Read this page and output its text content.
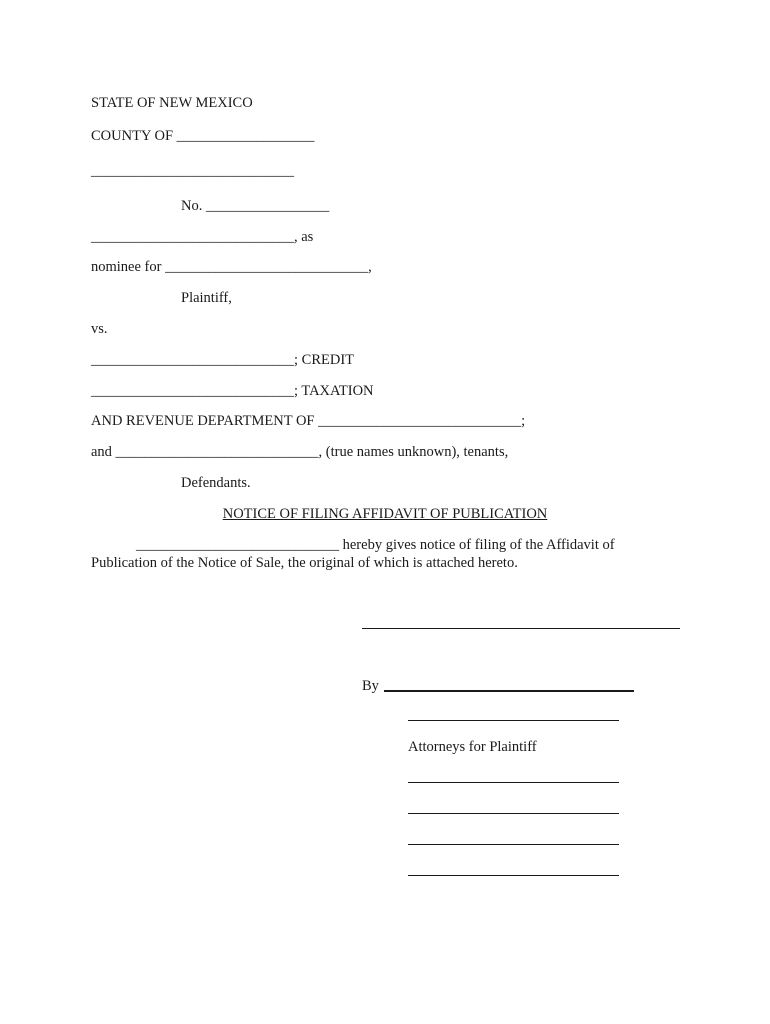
STATE OF NEW MEXICO
COUNTY OF ___________________
____________________________
No. _________________
____________________________, as
nominee for ____________________________,
Plaintiff,
vs.
____________________________; CREDIT
____________________________; TAXATION
AND REVENUE DEPARTMENT OF ____________________________;
and ____________________________, (true names unknown), tenants,
Defendants.
NOTICE OF FILING AFFIDAVIT OF PUBLICATION
____________________________ hereby gives notice of filing of the Affidavit of
Publication of the Notice of Sale, the original of which is attached hereto.
By
Attorneys for Plaintiff
